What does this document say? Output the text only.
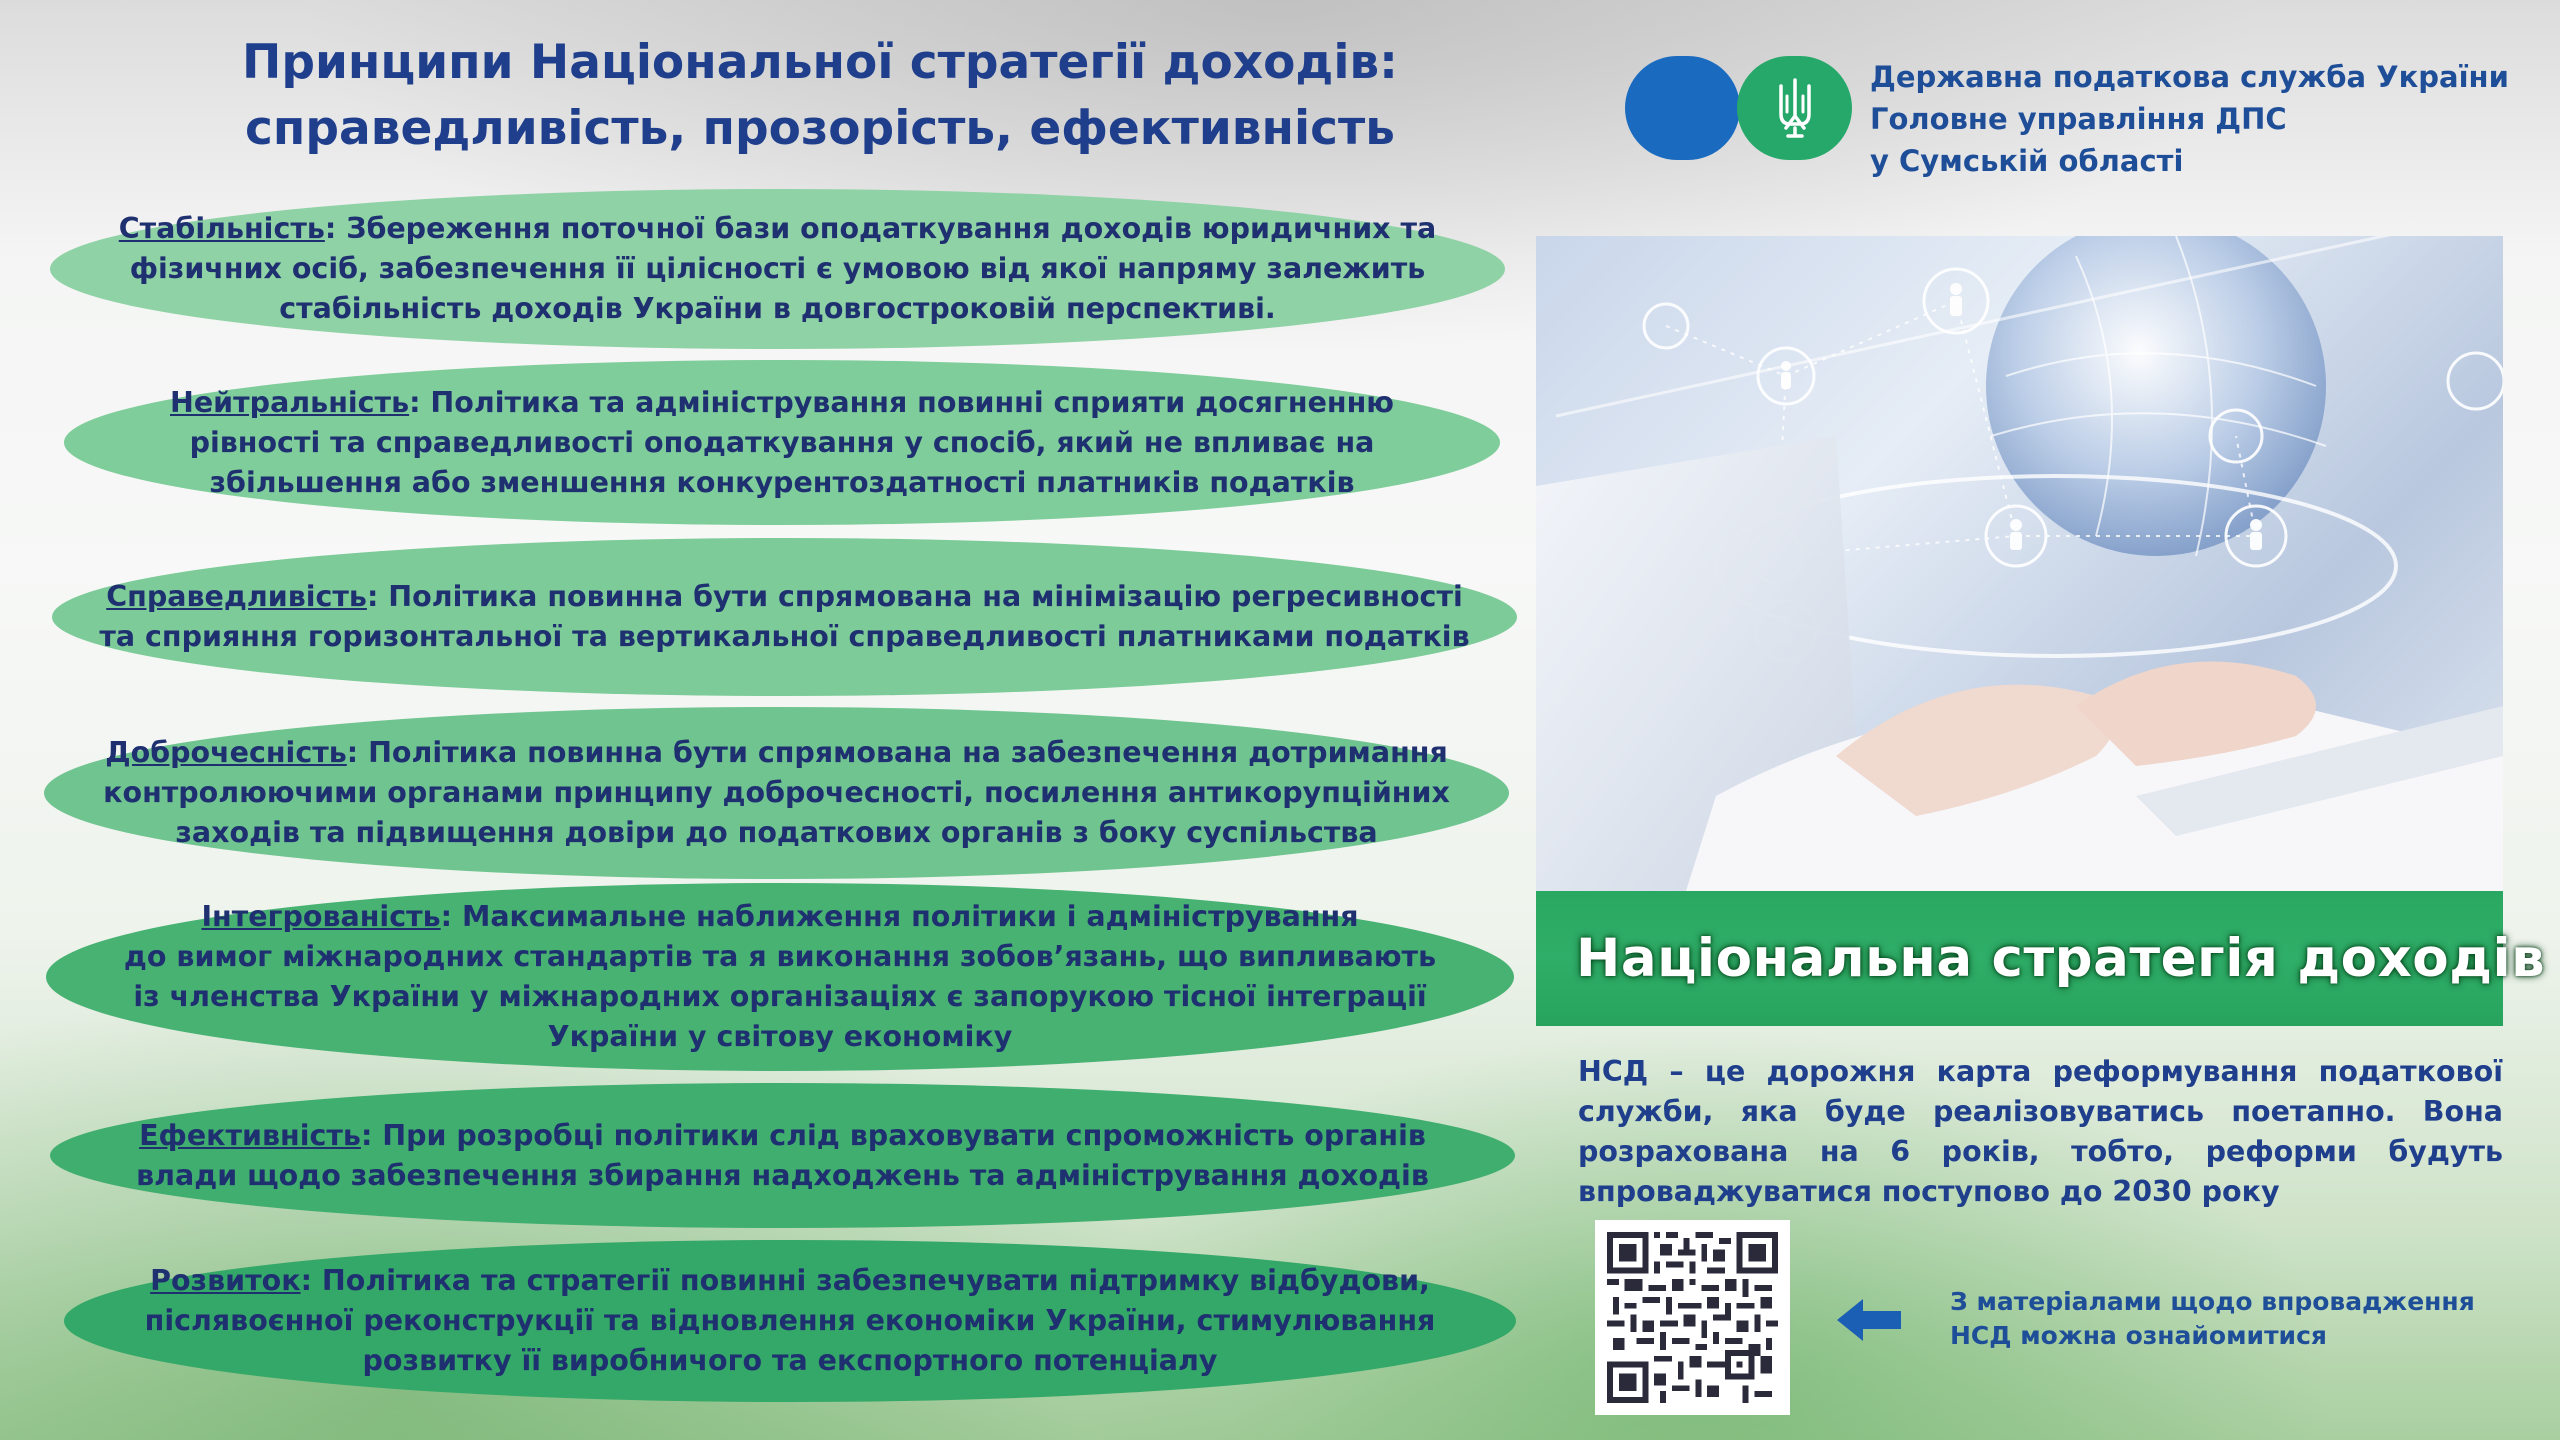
Принципи Національної стратегії доходів:
справедливість, прозорість, ефективність
Державна податкова служба України
Головне управління ДПС
у Сумській області
Стабільність: Збереження поточної бази оподаткування доходів юридичних та
фізичних осіб, забезпечення її цілісності є умовою від якої напряму залежить
стабільність доходів України в довгостроковій перспективі.
Нейтральність: Політика та адміністрування повинні сприяти досягненню
рівності та справедливості оподаткування у спосіб, який не впливає на
збільшення або зменшення конкурентоздатності платників податків
Справедливість: Політика повинна бути спрямована на мінімізацію регресивності
та сприяння горизонтальної та вертикальної справедливості платниками податків
Доброчесність: Політика повинна бути спрямована на забезпечення дотримання
контролюючими органами принципу доброчесності, посилення антикорупційних
заходів та підвищення довіри до податкових органів з боку суспільства
Інтегрованість: Максимальне наближення політики і адміністрування
до вимог міжнародних стандартів та я виконання зобов’язань, що випливають
із членства України у міжнародних організаціях є запорукою тісної інтеграції
України у світову економіку
Ефективність: При розробці політики слід враховувати спроможність органів
влади щодо забезпечення збирання надходжень та адміністрування доходів
Розвиток: Політика та стратегії повинні забезпечувати підтримку відбудови,
післявоєнної реконструкції та відновлення економіки України, стимулювання
розвитку її виробничого та експортного потенціалу
Національна стратегія доходів
НСД – це дорожня карта реформування податкової служби, яка буде реалізовуватись поетапно. Вона розрахована на 6 років, тобто, реформи будуть впроваджуватися поступово до 2030 року
З матеріалами щодо впровадження
НСД можна ознайомитися
